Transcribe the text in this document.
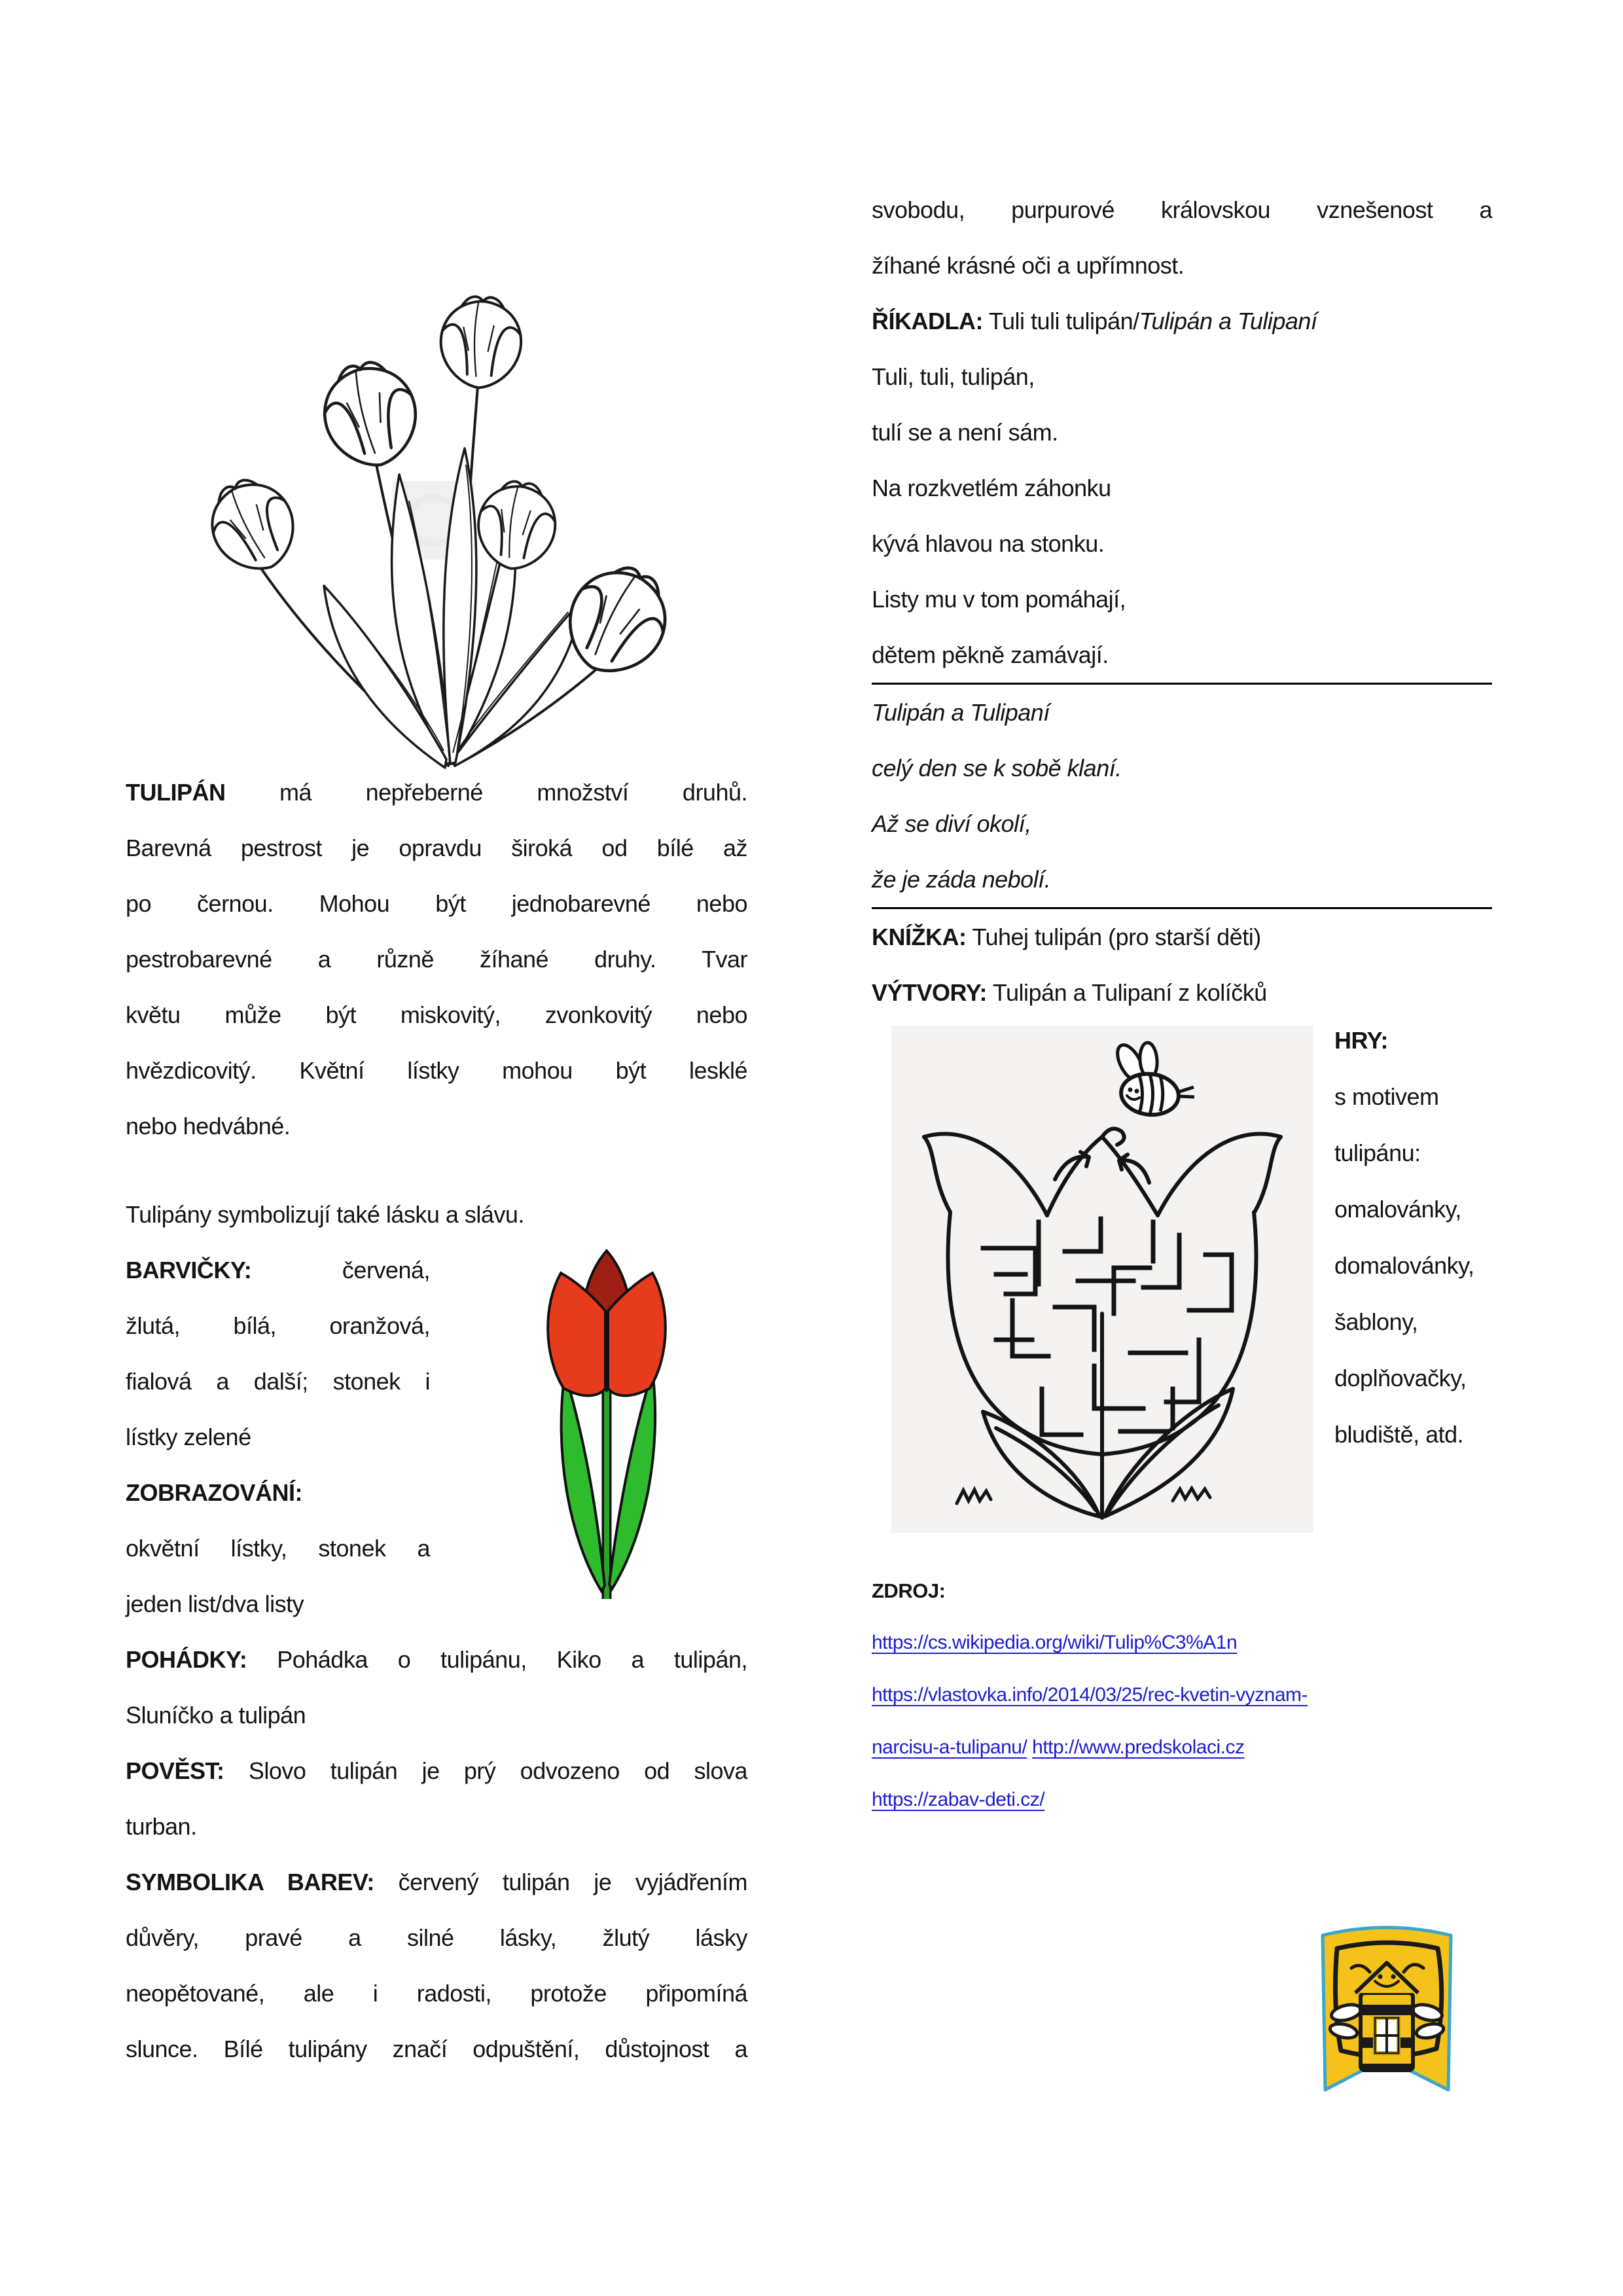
TULIPÁN má nepřeberné množství druhů.
Barevná pestrost je opravdu široká od bílé až
po černou. Mohou být jednobarevné nebo
pestrobarevné a různě žíhané druhy. Tvar
květu může být miskovitý, zvonkovitý nebo
hvězdicovitý. Květní lístky mohou být lesklé
nebo hedvábné.
Tulipány symbolizují také lásku a slávu.
BARVIČKY: červená,
žlutá, bílá, oranžová,
fialová a další; stonek i
lístky zelené
ZOBRAZOVÁNÍ:
okvětní lístky, stonek a
jeden list/dva listy
POHÁDKY: Pohádka o tulipánu, Kiko a tulipán,
Sluníčko a tulipán
POVĚST: Slovo tulipán je prý odvozeno od slova
turban.
SYMBOLIKA BAREV: červený tulipán je vyjádřením
důvěry, pravé a silné lásky, žlutý lásky
neopětované, ale i radosti, protože připomíná
slunce. Bílé tulipány značí odpuštění, důstojnost a
svobodu, purpurové královskou vznešenost a
žíhané krásné oči a upřímnost.
ŘÍKADLA: Tuli tuli tulipán/Tulipán a Tulipaní
Tuli, tuli, tulipán,
tulí se a není sám.
Na rozkvetlém záhonku
kývá hlavou na stonku.
Listy mu v tom pomáhají,
dětem pěkně zamávají.
Tulipán a Tulipaní
celý den se k sobě klaní.
Až se diví okolí,
že je záda nebolí.
KNÍŽKA: Tuhej tulipán (pro starší děti)
VÝTVORY: Tulipán a Tulipaní z kolíčků
HRY:
s motivem
tulipánu:
omalovánky,
domalovánky,
šablony,
doplňovačky,
bludiště, atd.
ZDROJ:
https://cs.wikipedia.org/wiki/Tulip%C3%A1n
https://vlastovka.info/2014/03/25/rec-kvetin-vyznam-
narcisu-a-tulipanu/ http://www.predskolaci.cz
https://zabav-deti.cz/
